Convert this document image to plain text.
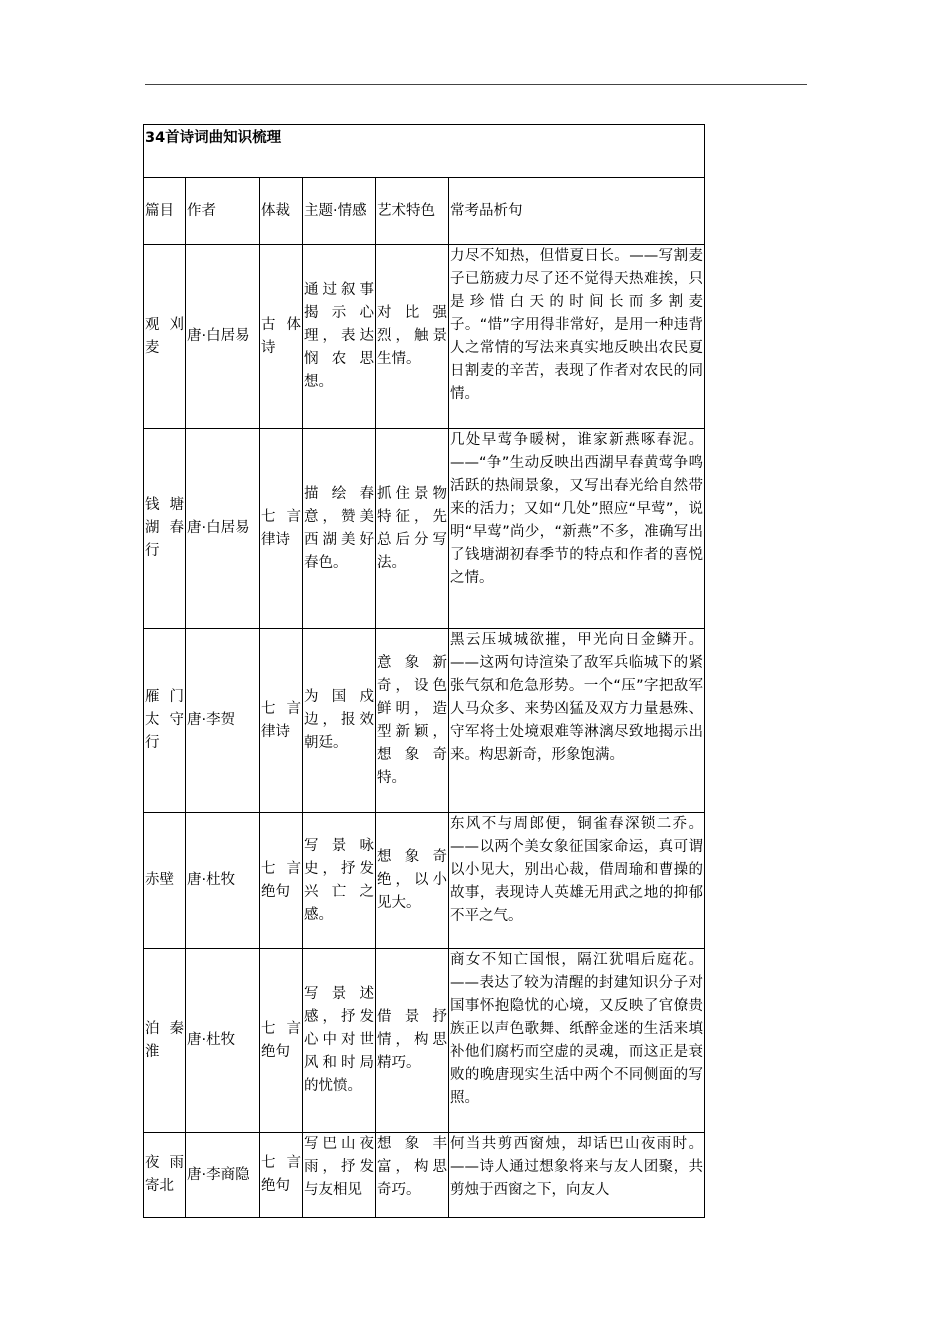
34首诗词曲知识梳理					
篇目	作者	体裁	主题·情感	艺术特色	常考品析句
观刈麦	唐·白居易	古体诗	通过叙事揭示心理，表达悯农思想。	对比强烈，触景生情。	力尽不知热，但惜夏日长。——写割麦子已筋疲力尽了还不觉得天热难挨，只是珍惜白天的时间长而多割麦子。“惜”字用得非常好，是用一种违背人之常情的写法来真实地反映出农民夏日割麦的辛苦，表现了作者对农民的同情。
钱塘湖春行	唐·白居易	七言律诗	描绘春意，赞美西湖美好春色。	抓住景物特征，先总后分写法。	几处早莺争暖树，谁家新燕啄春泥。——“争”生动反映出西湖早春黄莺争鸣活跃的热闹景象，又写出春光给自然带来的活力；又如“几处”照应“早莺”，说明“早莺”尚少，“新燕”不多，准确写出了钱塘湖初春季节的特点和作者的喜悦之情。
雁门太守行	唐·李贺	七言律诗	为国戍边，报效朝廷。	意象新奇，设色鲜明，造型新颖，想象奇特。	黑云压城城欲摧，甲光向日金鳞开。——这两句诗渲染了敌军兵临城下的紧张气氛和危急形势。一个“压”字把敌军人马众多、来势凶猛及双方力量悬殊、守军将士处境艰难等淋漓尽致地揭示出来。构思新奇，形象饱满。
赤壁	唐·杜牧	七言绝句	写景咏史，抒发兴亡之感。	想象奇绝，以小见大。	东风不与周郎便，铜雀春深锁二乔。——以两个美女象征国家命运，真可谓以小见大，别出心裁，借周瑜和曹操的故事，表现诗人英雄无用武之地的抑郁不平之气。
泊秦淮	唐·杜牧	七言绝句	写景述感，抒发心中对世风和时局的忧愤。	借景抒情，构思精巧。	商女不知亡国恨，隔江犹唱后庭花。——表达了较为清醒的封建知识分子对国事怀抱隐忧的心境，又反映了官僚贵族正以声色歌舞、纸醉金迷的生活来填补他们腐朽而空虚的灵魂，而这正是衰败的晚唐现实生活中两个不同侧面的写照。
夜雨寄北	唐·李商隐	七言绝句	写巴山夜雨，抒发与友相见	想象丰富，构思奇巧。	何当共剪西窗烛，却话巴山夜雨时。——诗人通过想象将来与友人团聚，共剪烛于西窗之下，向友人
